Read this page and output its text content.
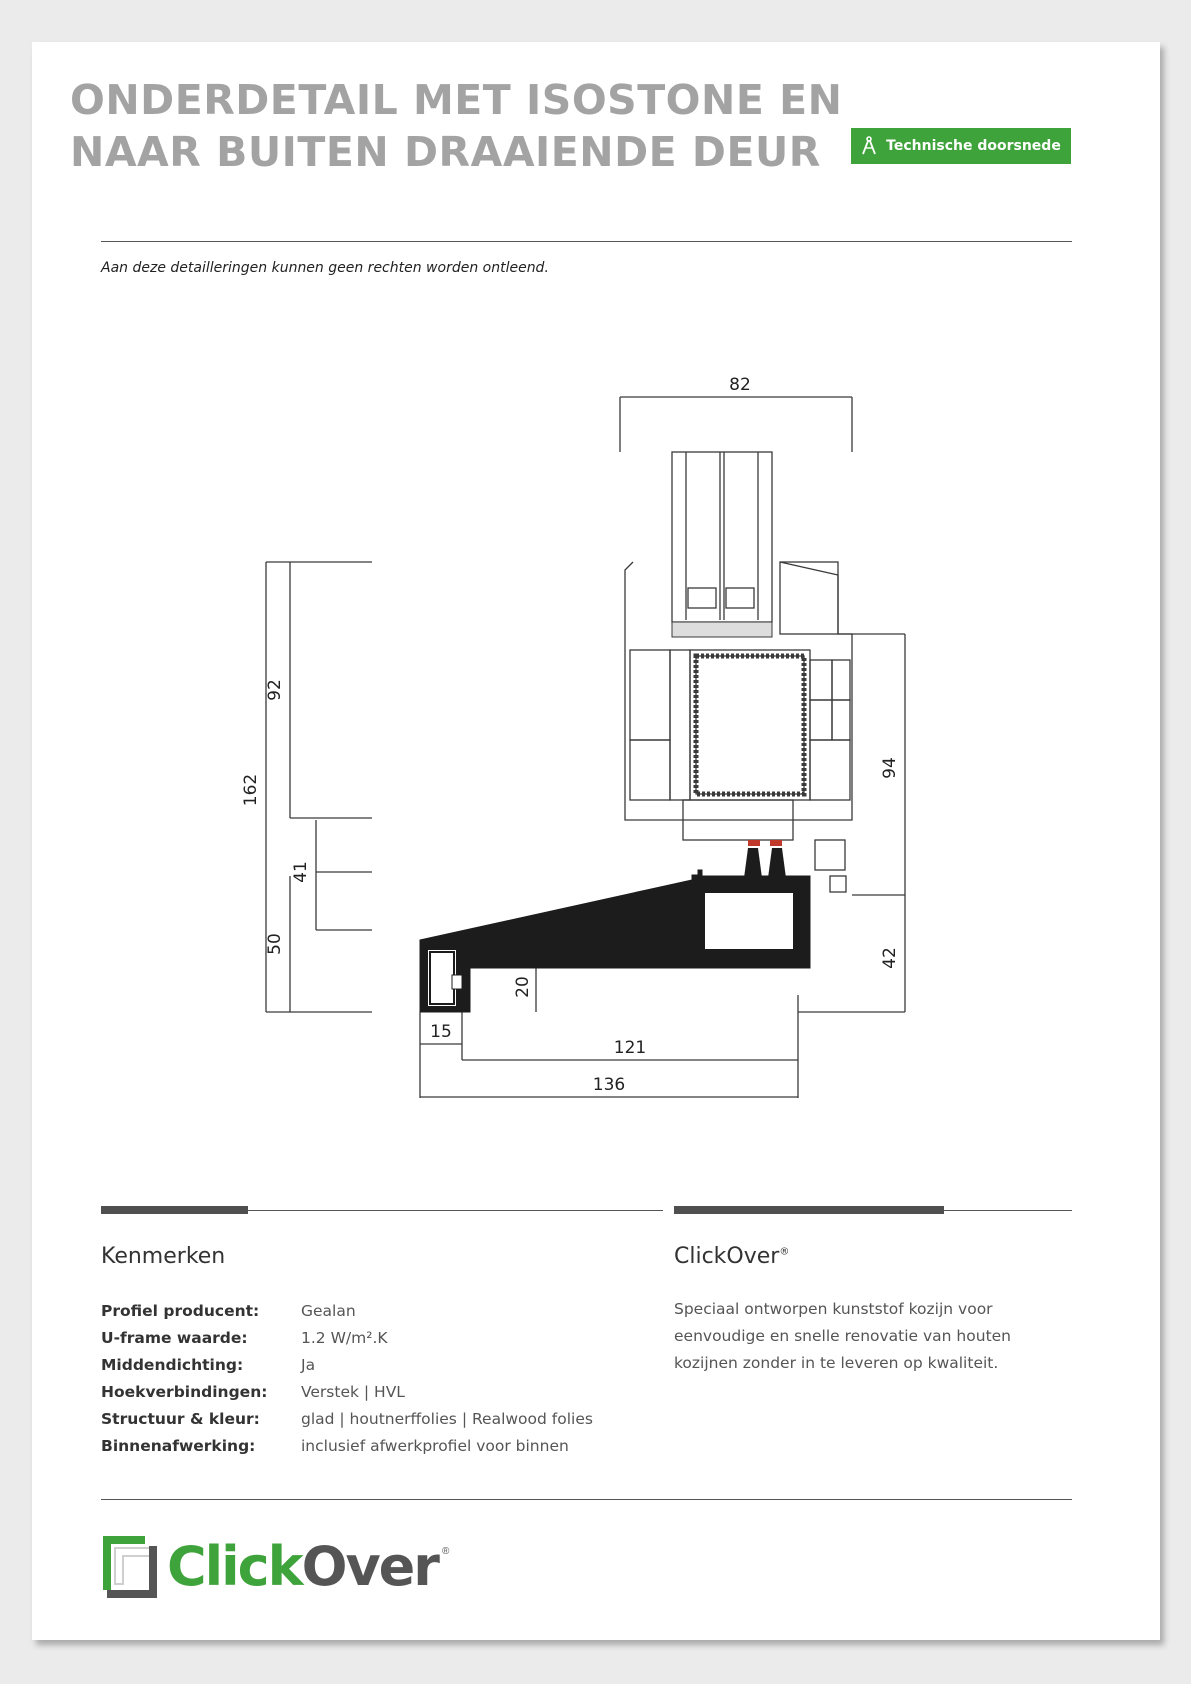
ONDERDETAIL MET ISOSTONE EN
NAAR BUITEN DRAAIENDE DEUR	Technische doorsnede
Aan deze detailleringen kunnen geen rechten worden ontleend.
82
162
92
41
50
94
42
20
15
121
136
Kenmerken	ClickOver®
Profiel producent:	Gealan
U-frame waarde:	1.2 W/m².K
Middendichting:	Ja
Hoekverbindingen:	Verstek | HVL
Structuur & kleur:	glad | houtnerffolies | Realwood folies
Binnenafwerking:	inclusief afwerkprofiel voor binnen
Speciaal ontworpen kunststof kozijn voor eenvoudige en snelle renovatie van houten kozijnen zonder in te leveren op kwaliteit.
ClickOver ®
